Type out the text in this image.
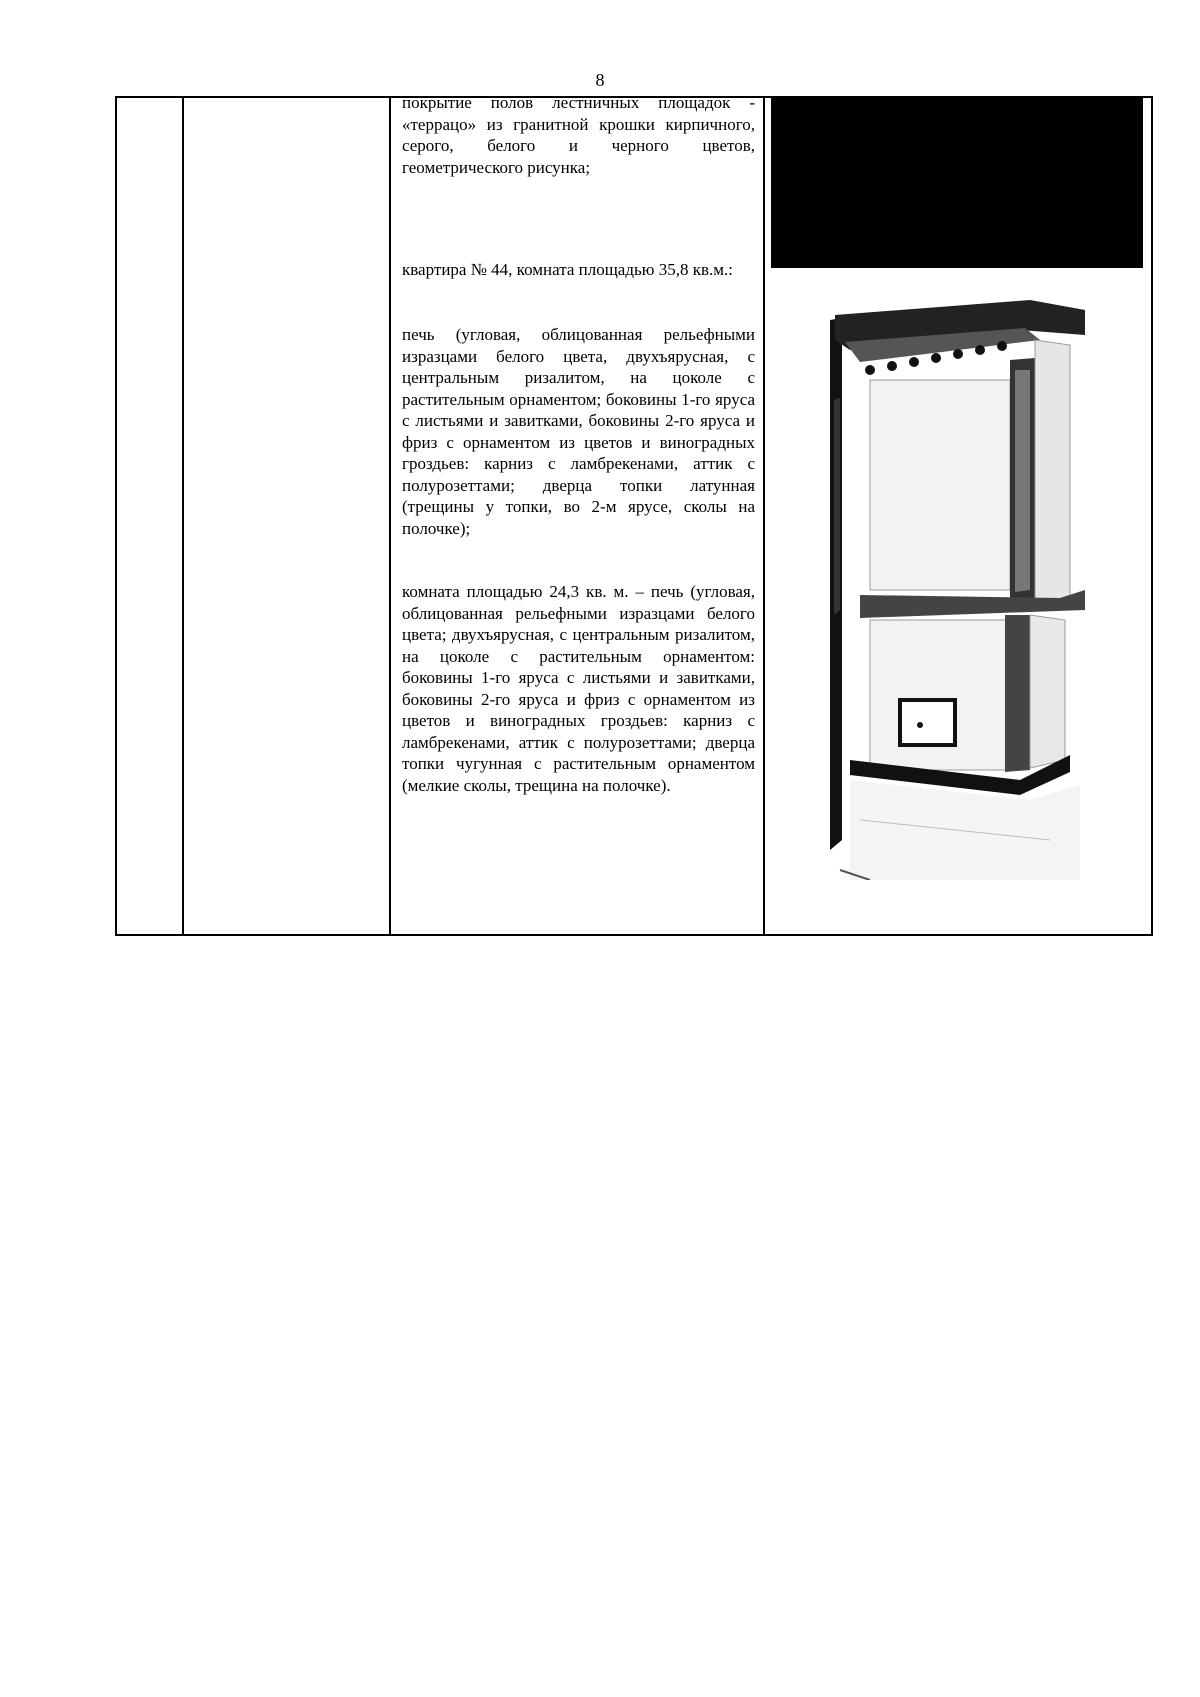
8

покрытие полов лестничных площадок - «террацо» из гранитной крошки кирпичного, серого, белого и черного цветов, геометрического рисунка;

квартира № 44, комната площадью 35,8 кв.м.:

печь (угловая, облицованная рельефными изразцами белого цвета, двухъярусная, с центральным ризалитом, на цоколе с растительным орнаментом; боковины 1-го яруса с листьями и завитками, боковины 2-го яруса и фриз с орнаментом из цветов и виноградных гроздьев: карниз с ламбрекенами, аттик с полурозеттами; дверца топки латунная (трещины у топки, во 2-м ярусе, сколы на полочке);

комната площадью 24,3 кв. м. – печь (угловая, облицованная рельефными изразцами белого цвета; двухъярусная, с центральным ризалитом, на цоколе с растительным орнаментом: боковины 1-го яруса с листьями и завитками, боковины 2-го яруса и фриз с орнаментом из цветов и виноградных гроздьев: карниз с ламбрекенами, аттик с полурозеттами; дверца топки чугунная с растительным орнаментом (мелкие сколы, трещина на полочке).
